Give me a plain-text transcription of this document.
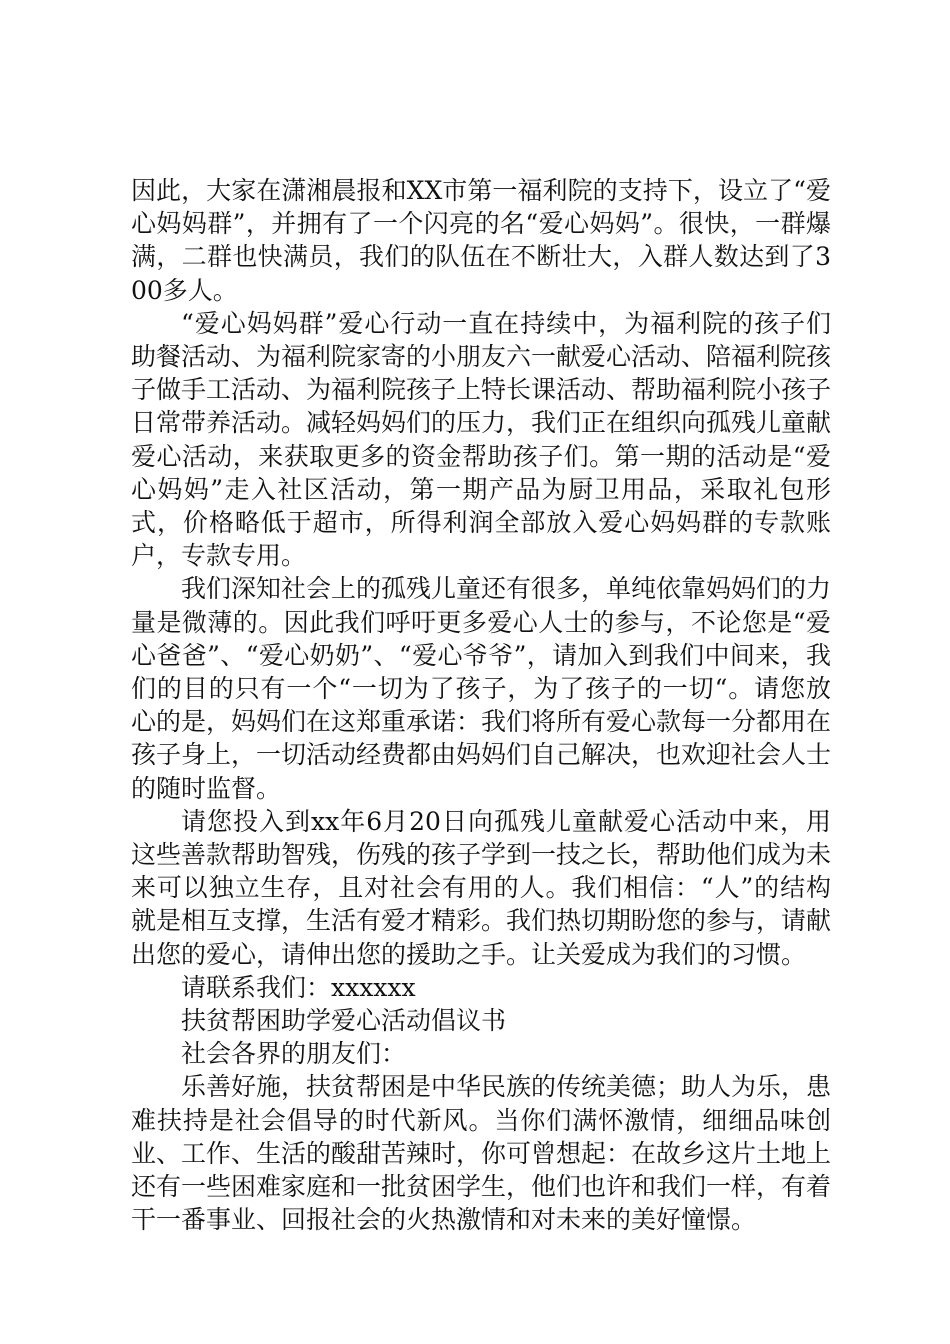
因此，大家在潇湘晨报和XX市第一福利院的支持下，设立了“爱心妈妈群”，并拥有了一个闪亮的名“爱心妈妈”。很快，一群爆满，二群也快满员，我们的队伍在不断壮大，入群人数达到了300多人。

“爱心妈妈群”爱心行动一直在持续中，为福利院的孩子们助餐活动、为福利院家寄的小朋友六一献爱心活动、陪福利院孩子做手工活动、为福利院孩子上特长课活动、帮助福利院小孩子日常带养活动。减轻妈妈们的压力，我们正在组织向孤残儿童献爱心活动，来获取更多的资金帮助孩子们。第一期的活动是“爱心妈妈”走入社区活动，第一期产品为厨卫用品，采取礼包形式，价格略低于超市，所得利润全部放入爱心妈妈群的专款账户，专款专用。

我们深知社会上的孤残儿童还有很多，单纯依靠妈妈们的力量是微薄的。因此我们呼吁更多爱心人士的参与，不论您是“爱心爸爸”、“爱心奶奶”、“爱心爷爷”，请加入到我们中间来，我们的目的只有一个“一切为了孩子，为了孩子的一切“。请您放心的是，妈妈们在这郑重承诺：我们将所有爱心款每一分都用在孩子身上，一切活动经费都由妈妈们自己解决，也欢迎社会人士的随时监督。

请您投入到xx年6月20日向孤残儿童献爱心活动中来，用这些善款帮助智残，伤残的孩子学到一技之长，帮助他们成为未来可以独立生存，且对社会有用的人。我们相信：“人”的结构就是相互支撑，生活有爱才精彩。我们热切期盼您的参与，请献出您的爱心，请伸出您的援助之手。让关爱成为我们的习惯。

请联系我们：xxxxxx

扶贫帮困助学爱心活动倡议书

社会各界的朋友们：

乐善好施，扶贫帮困是中华民族的传统美德；助人为乐，患难扶持是社会倡导的时代新风。当你们满怀激情，细细品味创业、工作、生活的酸甜苦辣时，你可曾想起：在故乡这片土地上还有一些困难家庭和一批贫困学生，他们也许和我们一样，有着干一番事业、回报社会的火热激情和对未来的美好憧憬。
